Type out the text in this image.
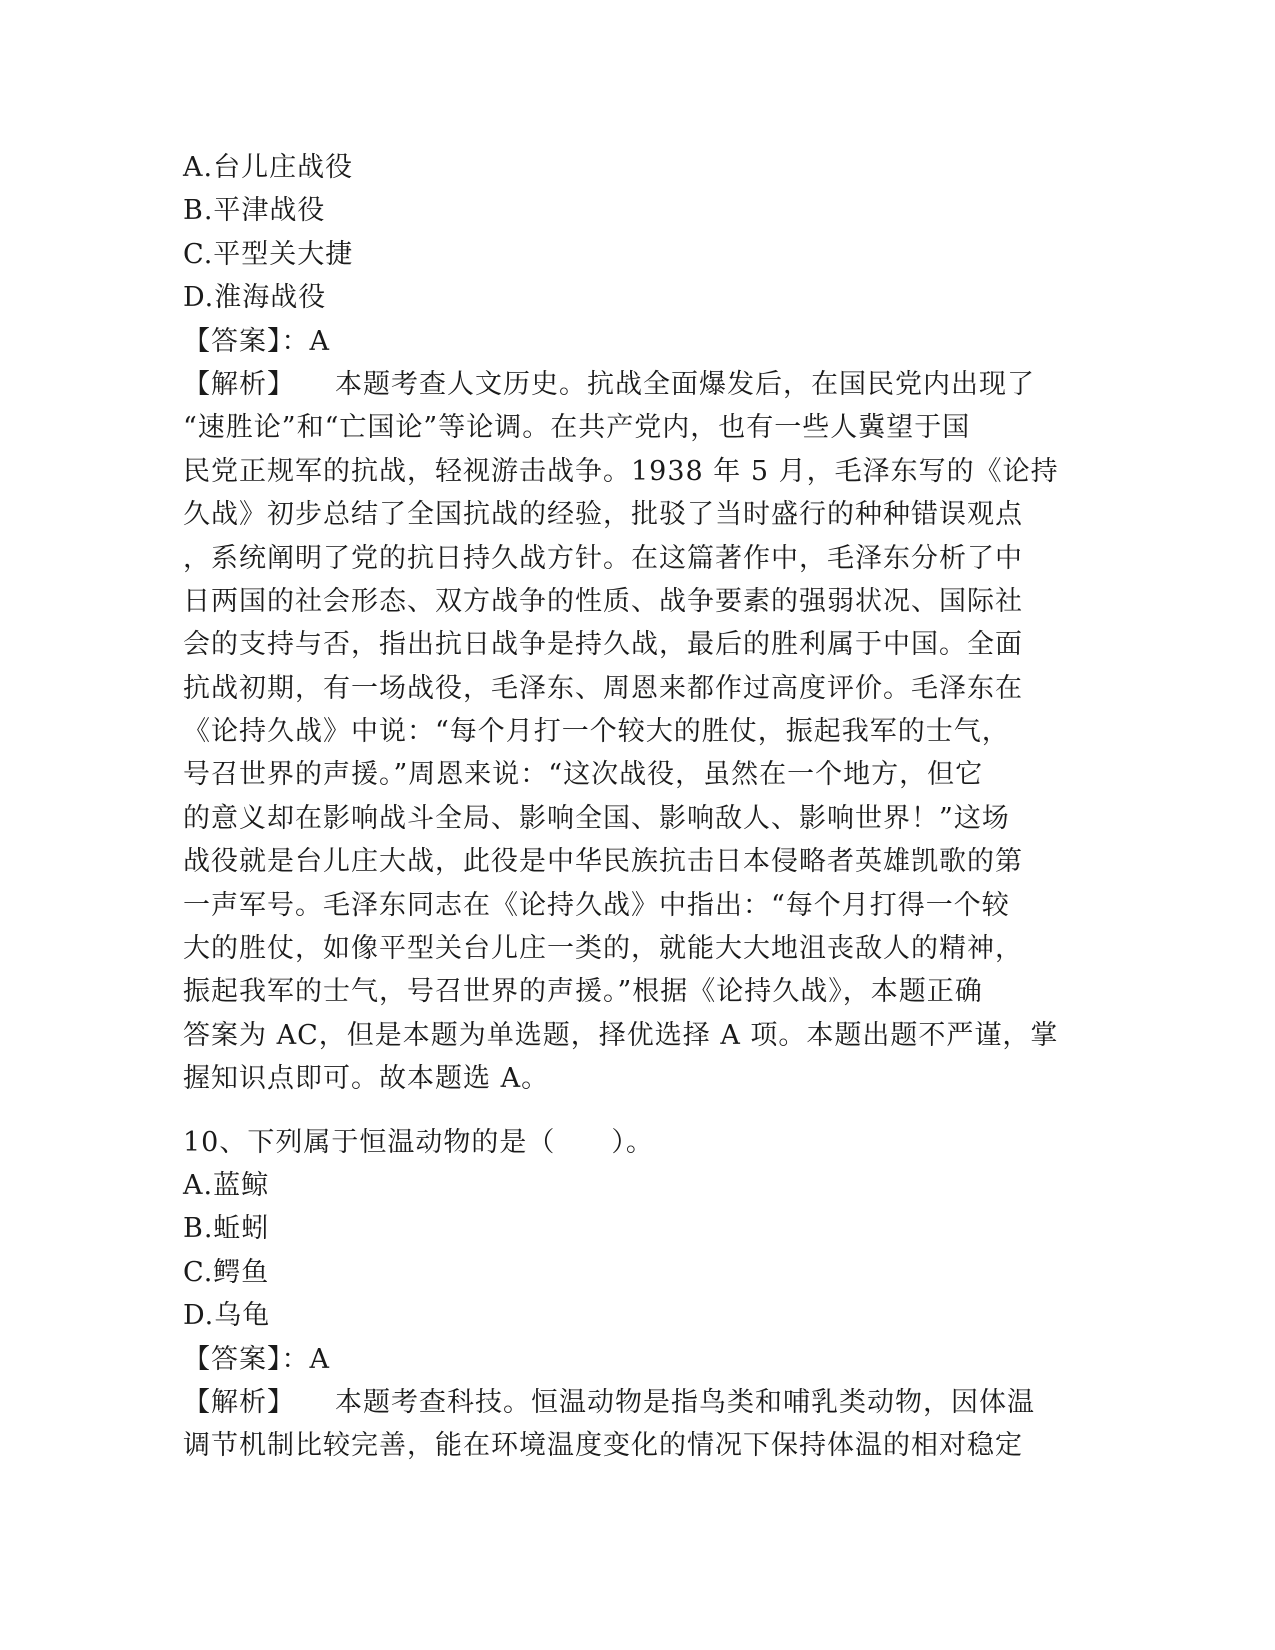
A.台儿庄战役
B.平津战役
C.平型关大捷
D.淮海战役
【答案】：A
【解析】 本题考查人文历史。抗战全面爆发后，在国民党内出现了
“速胜论”和“亡国论”等论调。在共产党内，也有一些人冀望于国
民党正规军的抗战，轻视游击战争。1938 年 5 月，毛泽东写的《论持
久战》初步总结了全国抗战的经验，批驳了当时盛行的种种错误观点
，系统阐明了党的抗日持久战方针。在这篇著作中，毛泽东分析了中
日两国的社会形态、双方战争的性质、战争要素的强弱状况、国际社
会的支持与否，指出抗日战争是持久战，最后的胜利属于中国。全面
抗战初期，有一场战役，毛泽东、周恩来都作过高度评价。毛泽东在
《论持久战》中说：“每个月打一个较大的胜仗，振起我军的士气，
号召世界的声援。”周恩来说：“这次战役，虽然在一个地方，但它
的意义却在影响战斗全局、影响全国、影响敌人、影响世界！”这场
战役就是台儿庄大战，此役是中华民族抗击日本侵略者英雄凯歌的第
一声军号。毛泽东同志在《论持久战》中指出：“每个月打得一个较
大的胜仗，如像平型关台儿庄一类的，就能大大地沮丧敌人的精神，
振起我军的士气，号召世界的声援。”根据《论持久战》，本题正确
答案为 AC，但是本题为单选题，择优选择 A 项。本题出题不严谨，掌
握知识点即可。故本题选 A。
10、下列属于恒温动物的是（　　）。
A.蓝鲸
B.蚯蚓
C.鳄鱼
D.乌龟
【答案】：A
【解析】 本题考查科技。恒温动物是指鸟类和哺乳类动物，因体温
调节机制比较完善，能在环境温度变化的情况下保持体温的相对稳定
